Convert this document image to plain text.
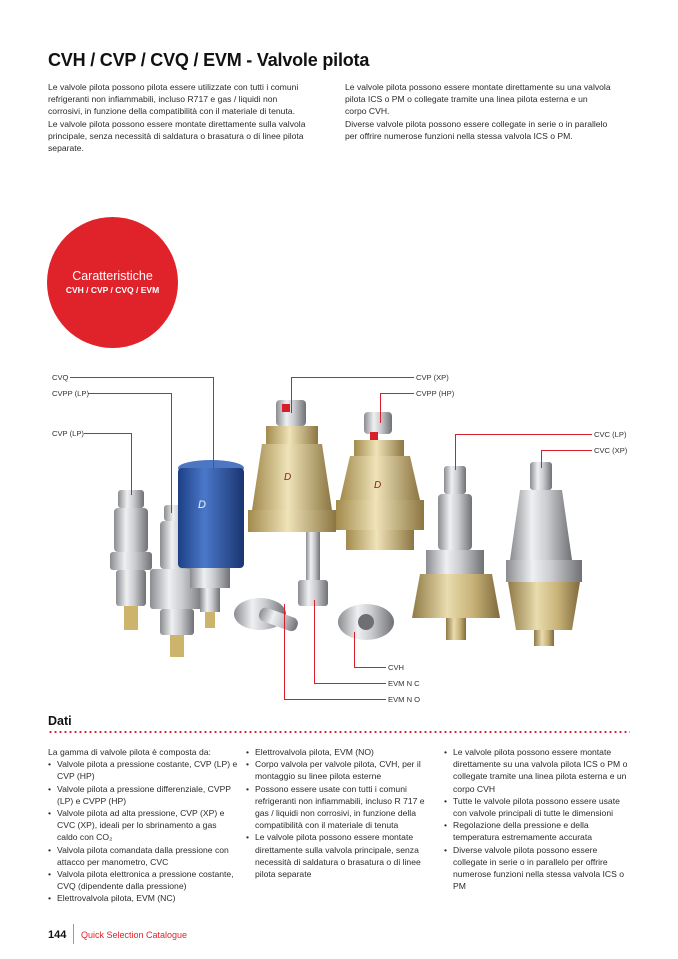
CVH / CVP / CVQ / EVM - Valvole pilota

Le valvole pilota possono pilota essere utilizzate con tutti i comuni

refrigeranti non infiammabili, incluso R717 e gas / liquidi non

corrosivi, in funzione della compatibilità con il materiale di tenuta.

Le valvole pilota possono essere montate direttamente sulla valvola

principale, senza necessità di saldatura o brasatura o di linee pilota

separate.

Le valvole pilota possono essere montate direttamente su una valvola

pilota ICS o PM o collegate tramite una linea pilota esterna e un

corpo CVH.

Diverse valvole pilota possono essere collegate in serie o in parallelo

per offrire numerose funzioni nella stessa valvola ICS o PM.

Caratteristiche
CVH / CVP / CVQ / EVM
D
D
D
CVQ
CVPP (LP)
CVP (LP)
CVP (XP)
CVPP (HP)
CVC (LP)
CVC (XP)
CVH
EVM N C
EVM N O
Dati

La gamma di valvole pilota è composta da:

• Valvole pilota a pressione costante, CVP (LP) e CVP (HP)
• Valvole pilota a pressione differenziale, CVPP (LP) e CVPP (HP)
• Valvole pilota ad alta pressione, CVP (XP) e CVC (XP), ideali per lo sbrinamento a gas caldo con CO₂
• Valvola pilota comandata dalla pressione con attacco per manometro, CVC
• Valvola pilota elettronica a pressione costante, CVQ (dipendente dalla pressione)
• Elettrovalvola pilota, EVM (NC)
• Elettrovalvola pilota, EVM (NO)
• Corpo valvola per valvole pilota, CVH, per il montaggio su linee pilota esterne
• Possono essere usate con tutti i comuni refrigeranti non infiammabili, incluso R 717 e gas / liquidi non corrosivi, in funzione della compatibilità con il materiale di tenuta
• Le valvole pilota possono essere montate direttamente sulla valvola principale, senza necessità di saldatura o brasatura o di linee pilota separate
• Le valvole pilota possono essere montate direttamente su una valvola pilota ICS o PM o collegate tramite una linea pilota esterna e un corpo CVH
• Tutte le valvole pilota possono essere usate con valvole principali di tutte le dimensioni
• Regolazione della pressione e della temperatura estremamente accurata
• Diverse valvole pilota possono essere collegate in serie o in parallelo per offrire numerose funzioni nella stessa valvola ICS o PM
144 Quick Selection Catalogue
